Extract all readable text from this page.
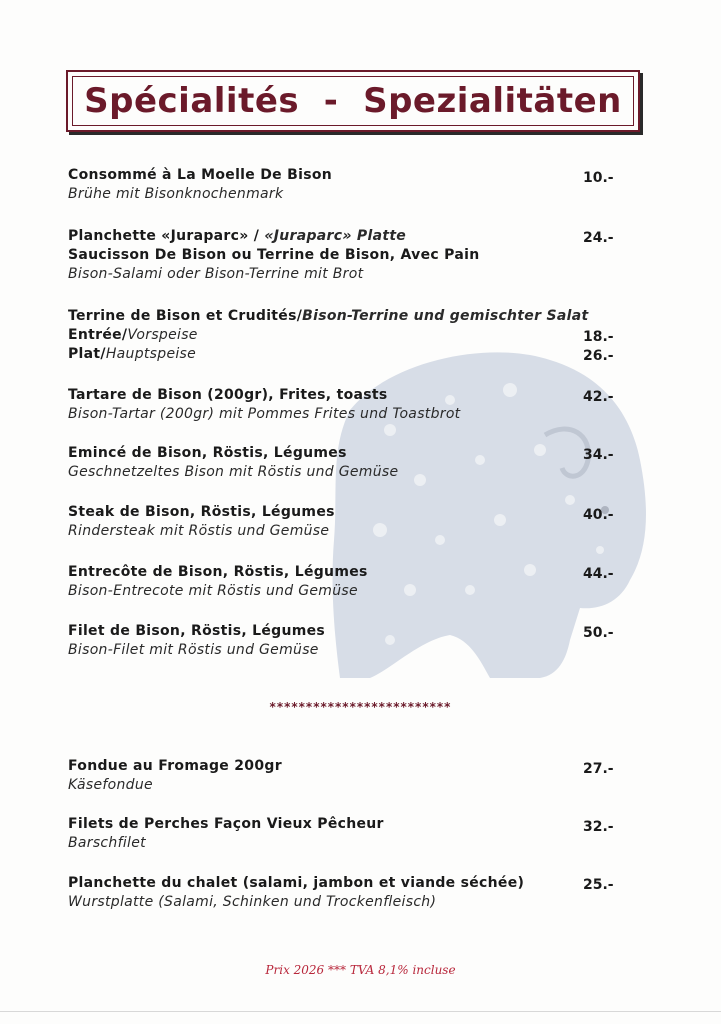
Spécialités  -  Spezialitäten
Consommé à La Moelle De Bison
Brühe mit Bisonknochenmark
10.-
Planchette «Juraparc» / «Juraparc» Platte
Saucisson De Bison ou Terrine de Bison, Avec Pain
Bison-Salami oder Bison-Terrine mit Brot
24.-
Terrine de Bison et Crudités/Bison-Terrine und gemischter Salat
Entrée/Vorspeise
Plat/Hauptspeise
18.-
26.-
Tartare de Bison (200gr), Frites, toasts
Bison-Tartar (200gr) mit Pommes Frites und Toastbrot
42.-
Emincé de Bison, Röstis, Légumes
Geschnetzeltes Bison mit Röstis und Gemüse
34.-
Steak de Bison, Röstis, Légumes
Rindersteak mit Röstis und Gemüse
40.-
Entrecôte de Bison, Röstis, Légumes
Bison-Entrecote mit Röstis und Gemüse
44.-
Filet de Bison, Röstis, Légumes
Bison-Filet mit Röstis und Gemüse
50.-
*************************
Fondue au Fromage 200gr
Käsefondue
27.-
Filets de Perches Façon Vieux Pêcheur
Barschfilet
32.-
Planchette du chalet (salami, jambon et viande séchée)
Wurstplatte (Salami, Schinken und Trockenfleisch)
25.-
Prix 2026 *** TVA 8,1% incluse
